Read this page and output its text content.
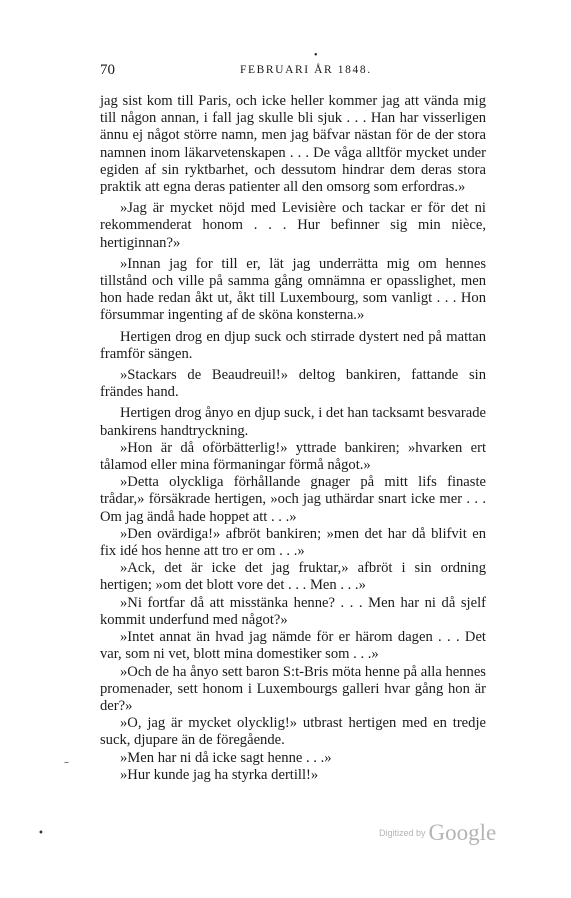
•
70	FEBRUARI ÅR 1848.

jag sist kom till Paris, och icke heller kommer jag att vända mig till någon annan, i fall jag skulle bli sjuk . . . Han har visserligen ännu ej något större namn, men jag bäfvar nästan för de der stora namnen inom läkarvetenskapen . . . De våga alltför mycket under egiden af sin ryktbarhet, och dessutom hindrar dem deras stora praktik att egna deras patienter all den omsorg som erfordras.»

»Jag är mycket nöjd med Levisière och tackar er för det ni rekommenderat honom . . . Hur befinner sig min nièce, hertiginnan?»

»Innan jag for till er, lät jag underrätta mig om hennes tillstånd och ville på samma gång omnämna er opasslighet, men hon hade redan åkt ut, åkt till Luxembourg, som vanligt . . . Hon försummar ingenting af de sköna konsterna.»

Hertigen drog en djup suck och stirrade dystert ned på mattan framför sängen.

»Stackars de Beaudreuil!» deltog bankiren, fattande sin frändes hand.

Hertigen drog ånyo en djup suck, i det han tacksamt besvarade bankirens handtryckning.

»Hon är då oförbätterlig!» yttrade bankiren; »hvarken ert tålamod eller mina förmaningar förmå något.»

»Detta olyckliga förhållande gnager på mitt lifs finaste trådar,» försäkrade hertigen, »och jag uthärdar snart icke mer . . . Om jag ändå hade hoppet att . . .»

»Den ovärdiga!» afbröt bankiren; »men det har då blifvit en fix idé hos henne att tro er om . . .»

»Ack, det är icke det jag fruktar,» afbröt i sin ordning hertigen; »om det blott vore det . . . Men . . .»

»Ni fortfar då att misstänka henne? . . . Men har ni då sjelf kommit underfund med något?»

»Intet annat än hvad jag nämde för er härom dagen . . . Det var, som ni vet, blott mina domestiker som . . .»

»Och de ha ånyo sett baron S:t-Bris möta henne på alla hennes promenader, sett honom i Luxembourgs galleri hvar gång hon är der?»

»O, jag är mycket olycklig!» utbrast hertigen med en tredje suck, djupare än de föregående.

»Men har ni då icke sagt henne . . .»

»Hur kunde jag ha styrka dertill!»

–
•	Digitized by Google
